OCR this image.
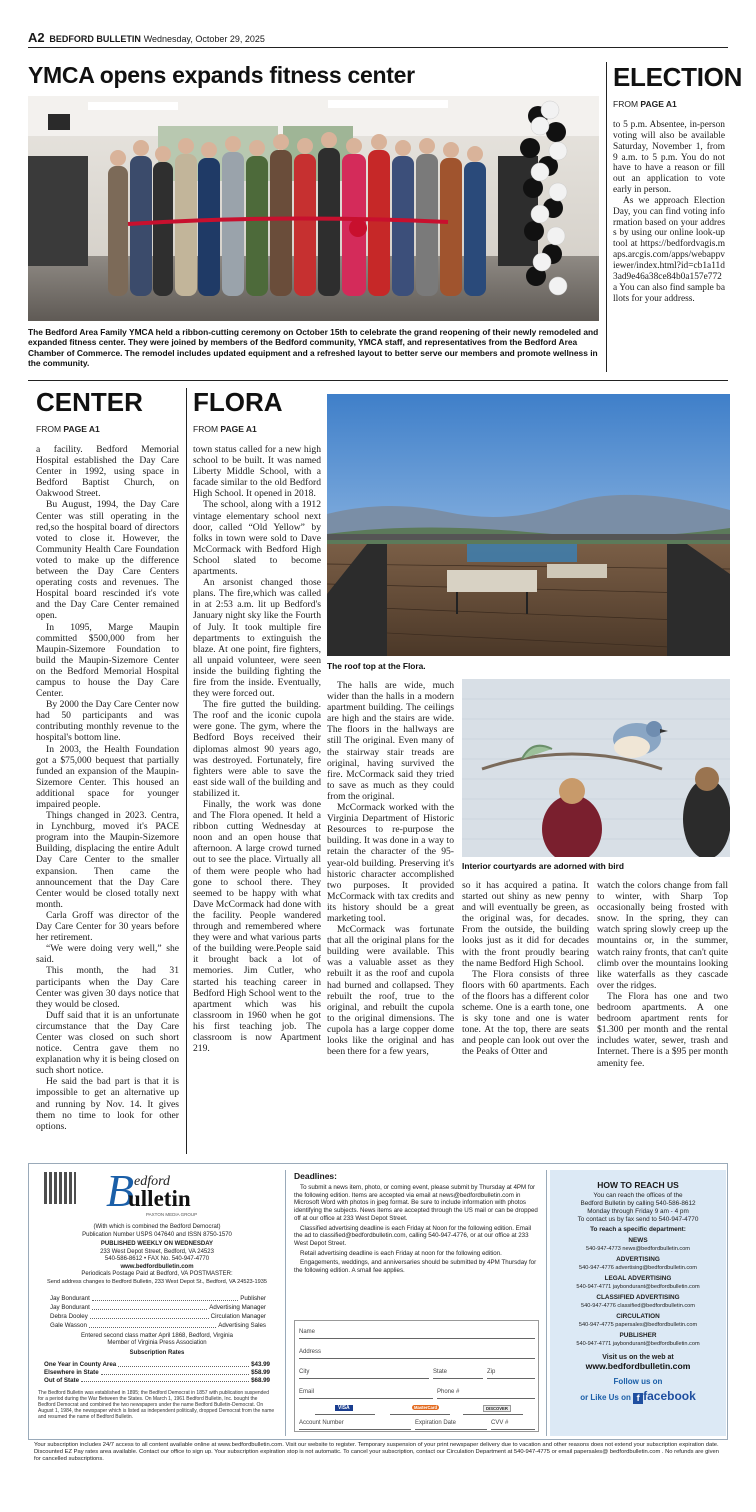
A2 BEDFORD BULLETIN Wednesday, October 29, 2025
YMCA opens expands fitness center
The Bedford Area Family YMCA held a ribbon-cutting ceremony on October 15th to celebrate the grand reopening of their newly remodeled and expanded fitness center. They were joined by members of the Bedford community, YMCA staff, and representatives from the Bedford Area Chamber of Commerce. The remodel includes updated equipment and a refreshed layout to better serve our members and promote wellness in the community.
ELECTION
FROM PAGE A1

to 5 p.m. Absentee, in-person voting will also be available Saturday, November 1, from 9 a.m. to 5 p.m. You do not have to have a reason or fill out an application to vote early in person.

As we approach Election Day, you can find voting information based on your address by using our online look-up tool at https://bedfordvagis.maps.arcgis.com/apps/webappviewer/index.html?id=cb1a11d3ad9e46a38ce84b0a157e772a You can also find sample ballots for your address.

CENTER
FROM PAGE A1

a facility. Bedford Memorial Hospital established the Day Care Center in 1992, using space in Bedford Baptist Church, on Oakwood Street.

Bu August, 1994, the Day Care Center was still operating in the red,so the hospital board of directors voted to close it. However, the Community Health Care Foundation voted to make up the difference between the Day Care Centers operating costs and revenues. The Hospital board rescinded it's vote and the Day Care Center remained open.

In 1095, Marge Maupin committed $500,000 from her Maupin-Sizemore Foundation to build the Maupin-Sizemore Center on the Bedford Memorial Hospital campus to house the Day Care Center.

By 2000 the Day Care Center now had 50 participants and was contributing monthly revenue to the hospital's bottom line.

In 2003, the Health Foundation got a $75,000 bequest that partially funded an expansion of the Maupin-Sizemore Center. This housed an additional space for younger impaired people.

Things changed in 2023. Centra, in Lynchburg, moved it's PACE program into the Maupin-Sizemore Building, displacing the entire Adult Day Care Center to the smaller expansion. Then came the announcement that the Day Care Center would be closed totally next month.

Carla Groff was director of the Day Care Center for 30 years before her retirement.

“We were doing very well,” she said.

This month, the had 31 participants when the Day Care Center was given 30 days notice that they would be closed.

Duff said that it is an unfortunate circumstance that the Day Care Center was closed on such short notice. Centra gave them no explanation why it is being closed on such short notice.

He said the bad part is that it is impossible to get an alternative up and running by Nov. 14. It gives them no time to look for other options.

FLORA
FROM PAGE A1

town status called for a new high school to be built. It was named Liberty Middle School, with a facade similar to the old Bedford High School. It opened in 2018.

The school, along with a 1912 vintage elementary school next door, called “Old Yellow” by folks in town were sold to Dave McCormack with Bedford High School slated to become apartments.

An arsonist changed those plans. The fire,which was called in at 2:53 a.m. lit up Bedford's January night sky like the Fourth of July. It took multiple fire departments to extinguish the blaze. At one point, fire fighters, all unpaid volunteer, were seen inside the building fighting the fire from the inside. Eventually, they were forced out.

The fire gutted the building. The roof and the iconic cupola were gone. The gym, where the Bedford Boys received their diplomas almost 90 years ago, was destroyed. Fortunately, fire fighters were able to save the east side wall of the building and stabilized it.

Finally, the work was done and The Flora opened. It held a ribbon cutting Wednesday at noon and an open house that afternoon. A large crowd turned out to see the place. Virtually all of them were people who had gone to school there. They seemed to be happy with what Dave McCormack had done with the facility. People wandered through and remembered where they were and what various parts of the building were.People said it brought back a lot of memories. Jim Cutler, who started his teaching career in Bedford High School went to the apartment which was his classroom in 1960 when he got his first teaching job. The classroom is now Apartment 219.

The roof top at the Flora.

The halls are wide, much wider than the halls in a modern apartment building. The ceilings are high and the stairs are wide. The floors in the hallways are still The original. Even many of the stairway stair treads are original, having survived the fire. McCormack said they tried to save as much as they could from the original.

McCormack worked with the Virginia Department of Historic Resources to re-purpose the building. It was done in a way to retain the character of the 95-year-old building. Preserving it's historic character accomplished two purposes. It provided McCormack with tax credits and its history should be a great marketing tool.

McCormack was fortunate that all the original plans for the building were available. This was a valuable asset as they rebuilt it as the roof and cupola had burned and collapsed. They rebuilt the roof, true to the original, and rebuilt the cupola to the original dimensions. The cupola has a large copper dome looks like the original and has been there for a few years,

Interior courtyards are adorned with bird

so it has acquired a patina. It started out shiny as new penny and will eventually be green, as the original was, for decades. From the outside, the building looks just as it did for decades with the front proudly bearing the name Bedford High School.

The Flora consists of three floors with 60 apartments. Each of the floors has a different color scheme. One is a earth tone, one is sky tone and one is water tone. At the top, there are seats and people can look out over the the Peaks of Otter and

watch the colors change from fall to winter, with Sharp Top occasionally being frosted with snow. In the spring, they can watch spring slowly creep up the mountains or, in the summer, watch rainy fronts, that can't quite climb over the mountains looking like waterfalls as they cascade over the ridges.

The Flora has one and two bedroom apartments. A one bedroom apartment rents for $1.300 per month and the rental includes water, sewer, trash and Internet. There is a $95 per month amenity fee.

B edford
ulletin
PAXTON MEDIA GROUP
(With which is combined the Bedford Democrat)
Publication Number USPS 047640 and ISSN 8750-1570
PUBLISHED WEEKLY ON WEDNESDAY
233 West Depot Street, Bedford, VA 24523
540-586-8612 • FAX No. 540-947-4770
www.bedfordbulletin.com
Periodicals Postage Paid at Bedford, VA POSTMASTER:
Send address changes to Bedford Bulletin, 233 West Depot St., Bedford, VA 24523-1935
Jay Bondurant	Publisher
Jay Bondurant	Advertising Manager
Debra Dooley	Circulation Manager
Gale Wasson	Advertising Sales
Entered second class matter April 1868, Bedford, Virginia
Member of Virginia Press Association
Subscription Rates
One Year in County Area	$43.99
Elsewhere in State	$58.99
Out of State	$68.99
The Bedford Bulletin was established in 1895; the Bedford Democrat in 1857 with publication suspended for a period during the War Between the States. On March 1, 1961 Bedford Bulletin, Inc. bought the Bedford Democrat and combined the two newspapers under the name Bedford Bulletin-Democrat. On August 1, 1984, the newspaper which is listed as independent politically, dropped Democrat from the name and resumed the name of Bedford Bulletin.
Deadlines:

To submit a news item, photo, or coming event, please submit by Thursday at 4PM for the following edition. Items are accepted via email at news@bedfordbulletin.com in Microsoft Word with photos in jpeg format. Be sure to include information with photos identifying the subjects. News items are accepted through the US mail or can be dropped off at our office at 233 West Depot Street.

Classified advertising deadline is each Friday at Noon for the following edition. Email the ad to classified@bedfordbulletin.com, calling 540-947-4776, or at our office at 233 West Depot Street.

Retail advertising deadline is each Friday at noon for the following edition.

Engagements, weddings, and anniversaries should be submitted by 4PM Thursday for the following edition. A small fee applies.

Name
Address
City	State	Zip
Email	Phone #
VISA	MasterCard	DISCOVER
Account Number	Expiration Date	CVV #
HOW TO REACH US
You can reach the offices of the
Bedford Bulletin by calling 540-586-8612
Monday through Friday 9 am - 4 pm
To contact us by fax send to 540-947-4770
To reach a specific department:
NEWS
540-947-4773 news@bedfordbulletin.com
ADVERTISING
540-947-4776 advertising@bedfordbulletin.com
LEGAL ADVERTISING
540-947-4771 jaybondurant@bedfordbulletin.com
CLASSIFIED ADVERTISING
540-947-4776 classified@bedfordbulletin.com
CIRCULATION
540-947-4775 papersales@bedfordbulletin.com
PUBLISHER
540-947-4771 jaybondurant@bedfordbulletin.com
Visit us on the web at
www.bedfordbulletin.com
Follow us on
or Like Us on f facebook
Your subscription includes 24/7 access to all content available online at www.bedfordbulletin.com. Visit our website to register. Temporary suspension of your print newspaper delivery due to vacation and other reasons does not extend your subscription expiration date. Discounted EZ Pay rates area available. Contact our office to sign up. Your subscription expiration stop is not automatic. To cancel your subscription, contact our Circulation Department at 540-947-4775 or email papersales@ bedfordbulletin.com . No refunds are given for cancelled subscriptions.
